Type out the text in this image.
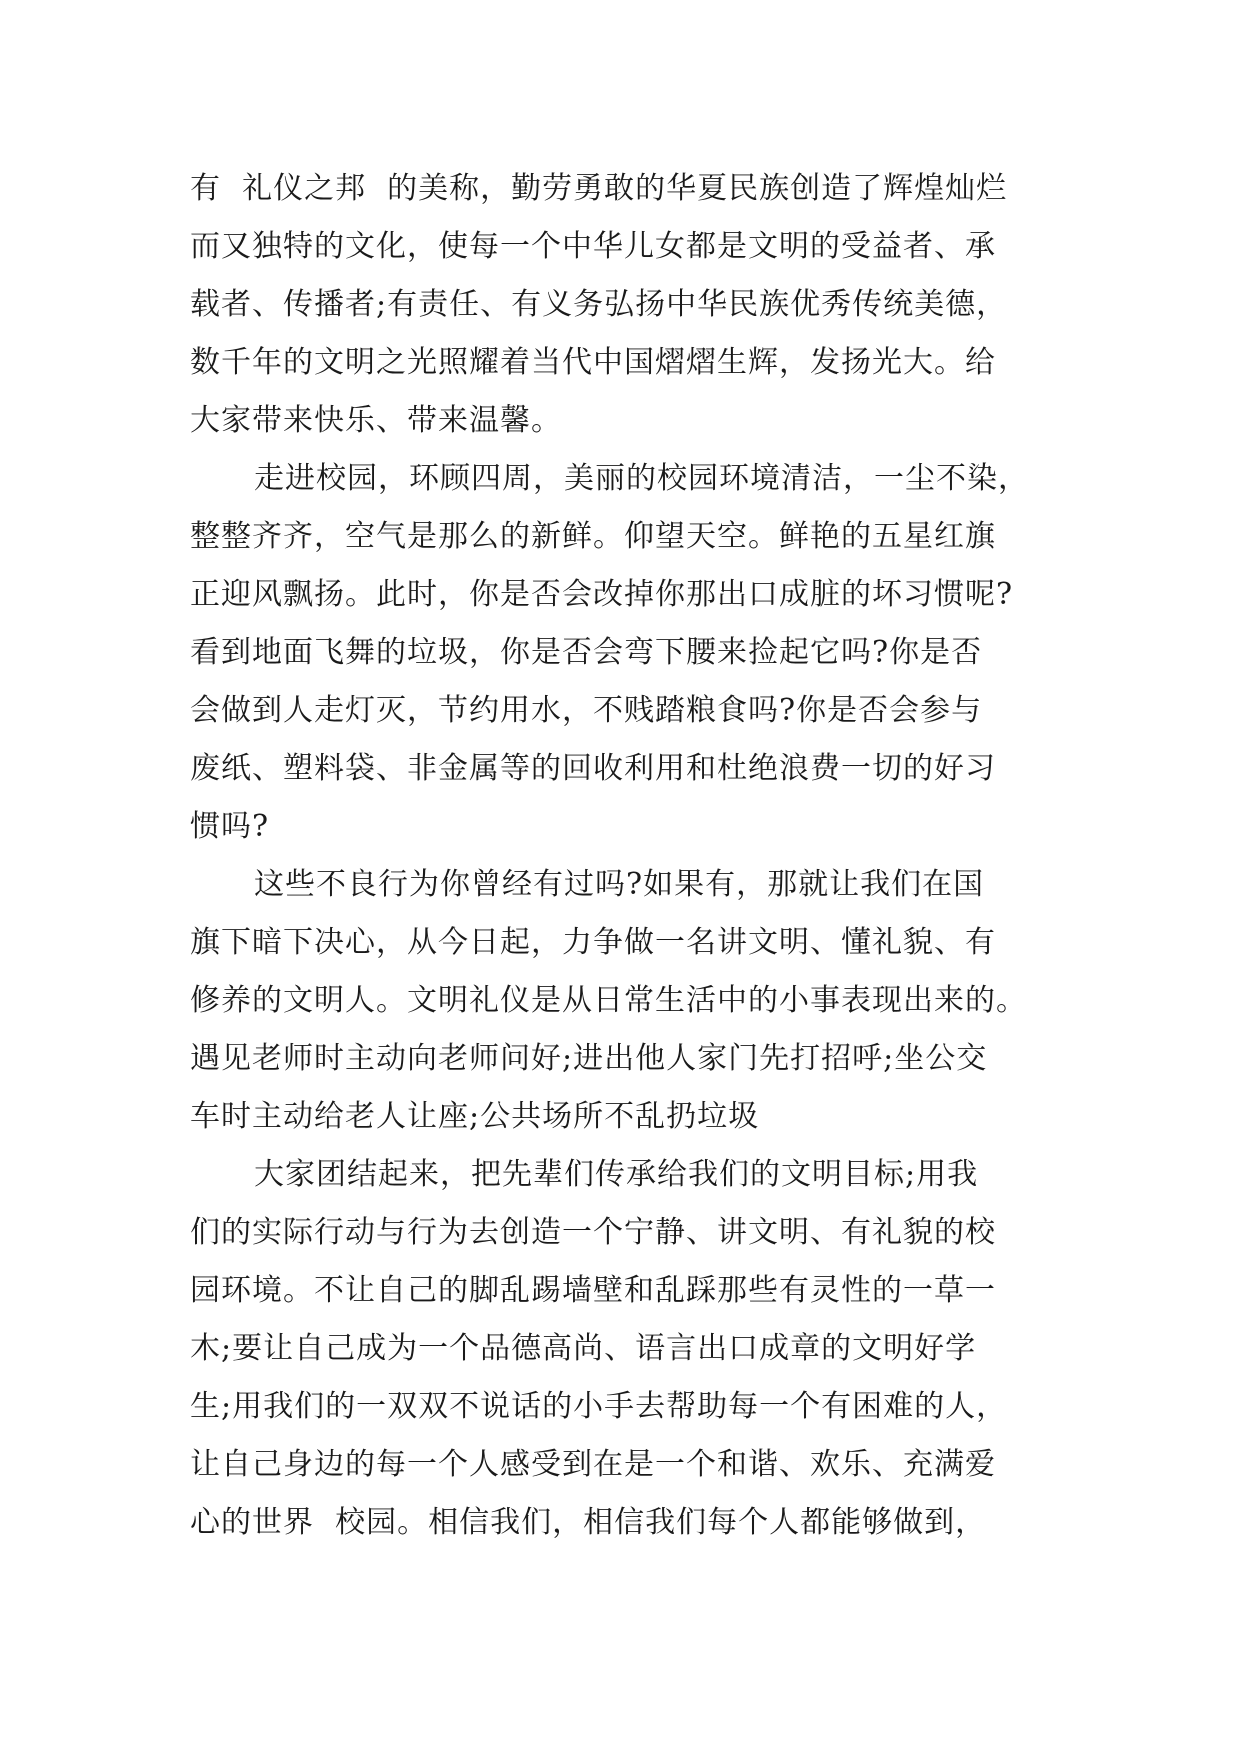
有  礼仪之邦  的美称，勤劳勇敢的华夏民族创造了辉煌灿烂
而又独特的文化，使每一个中华儿女都是文明的受益者、承
载者、传播者;有责任、有义务弘扬中华民族优秀传统美德，
数千年的文明之光照耀着当代中国熠熠生辉，发扬光大。给
大家带来快乐、带来温馨。
走进校园，环顾四周，美丽的校园环境清洁，一尘不染，
整整齐齐，空气是那么的新鲜。仰望天空。鲜艳的五星红旗
正迎风飘扬。此时，你是否会改掉你那出口成脏的坏习惯呢?
看到地面飞舞的垃圾，你是否会弯下腰来捡起它吗?你是否
会做到人走灯灭，节约用水，不贱踏粮食吗?你是否会参与
废纸、塑料袋、非金属等的回收利用和杜绝浪费一切的好习
惯吗?
这些不良行为你曾经有过吗?如果有，那就让我们在国
旗下暗下决心，从今日起，力争做一名讲文明、懂礼貌、有
修养的文明人。文明礼仪是从日常生活中的小事表现出来的。
遇见老师时主动向老师问好;进出他人家门先打招呼;坐公交
车时主动给老人让座;公共场所不乱扔垃圾
大家团结起来，把先辈们传承给我们的文明目标;用我
们的实际行动与行为去创造一个宁静、讲文明、有礼貌的校
园环境。不让自己的脚乱踢墙壁和乱踩那些有灵性的一草一
木;要让自己成为一个品德高尚、语言出口成章的文明好学
生;用我们的一双双不说话的小手去帮助每一个有困难的人，
让自己身边的每一个人感受到在是一个和谐、欢乐、充满爱
心的世界  校园。相信我们，相信我们每个人都能够做到，
